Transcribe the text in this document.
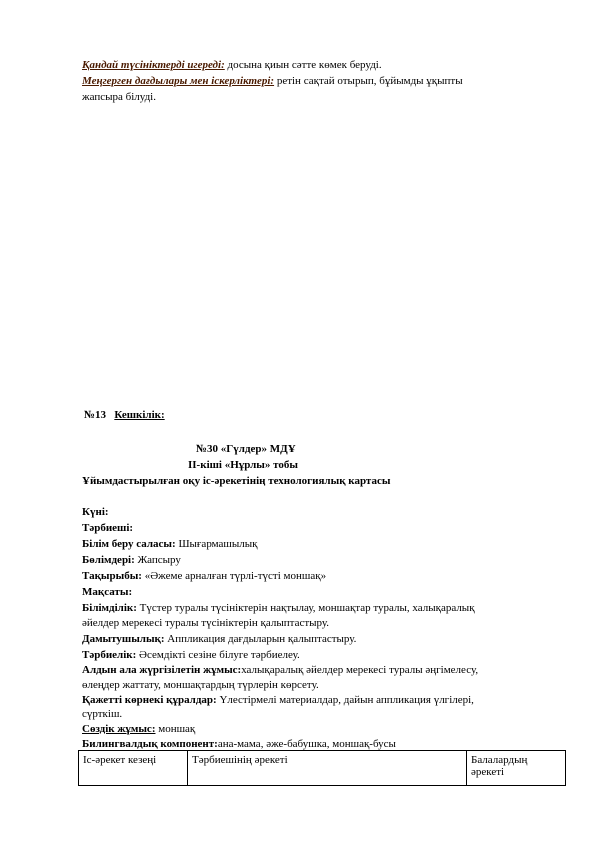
Қандай түсініктерді игереді: досына қиын сәтте көмек беруді.
Меңгерген дағдылары мен іскерліктері: ретін сақтай отырып, бұйымды ұқыпты
жапсыра білуді.
№13 Кешкілік:
№30 «Гүлдер» МДҰ
ІІ-кіші «Нұрлы» тобы
Ұйымдастырылған оқу іс-әрекетінің технологиялық картасы
Күні:
Тәрбиеші:
Білім беру саласы: Шығармашылық
Бөлімдері: Жапсыру
Тақырыбы: «Әжеме арналған түрлі-түсті моншақ»
Мақсаты:
Білімділік: Түстер туралы түсініктерін нақтылау, моншақтар туралы, халықаралық
әйелдер мерекесі туралы түсініктерін қалыптастыру.
Дамытушылық: Аппликация дағдыларын қалыптастыру.
Тәрбиелік: Әсемдікті сезіне білуге тәрбиелеу.
Алдын ала жүргізілетін жұмыс:халықаралық әйелдер мерекесі туралы әңгімелесу,
өлеңдер жаттату, моншақтардың түрлерін көрсету.
Қажетті көрнекі құралдар: Үлестірмелі материалдар, дайын аппликация үлгілері,
сүрткіш.
Сөздік жұмыс: моншақ
Билингвалдық компонент:ана-мама, әже-бабушка, моншақ-бусы
Іс-әрекет кезеңі	Тәрбиешінің әрекеті	Балалардың әрекеті
